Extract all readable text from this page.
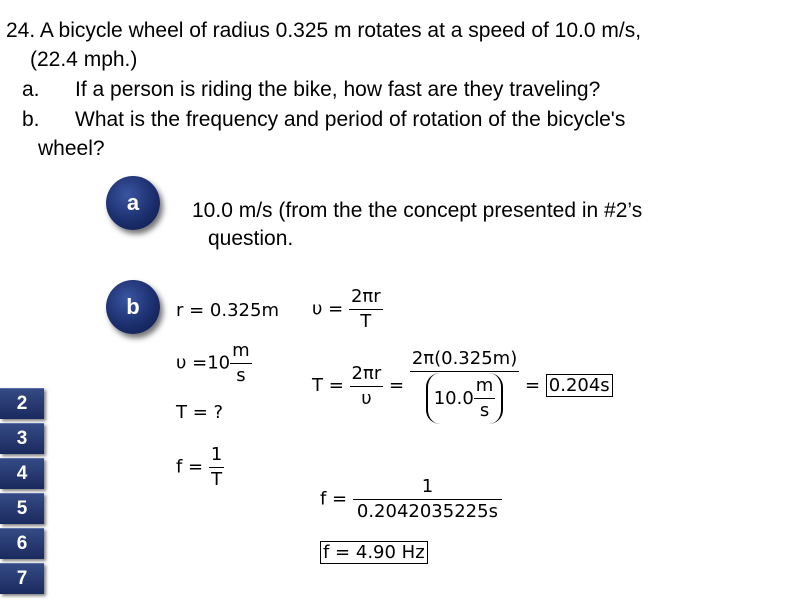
24. A bicycle wheel of radius 0.325 m rotates at a speed of 10.0 m/s,
(22.4 mph.)
a. If a person is riding the bike, how fast are they traveling?
b. What is the frequency and period of rotation of the bicycle's
wheel?
a	10.0 m/s (from the the concept presented in #2’s
question.
b	r = 0.325m
$\upsilon =10 \frac{m}{s}$
T = ?
$f = \frac{1}{T}$
$\upsilon = \frac{2\pi r}{T}$
$T = \frac{2\pi r}{\upsilon} = \frac{2\pi(0.325m)}{10.0 \frac{m}{s}} = 0.204s$
$f = \frac{1}{0.2042035225s}$
f = 4.90 Hz
2
3
4
5
6
7
